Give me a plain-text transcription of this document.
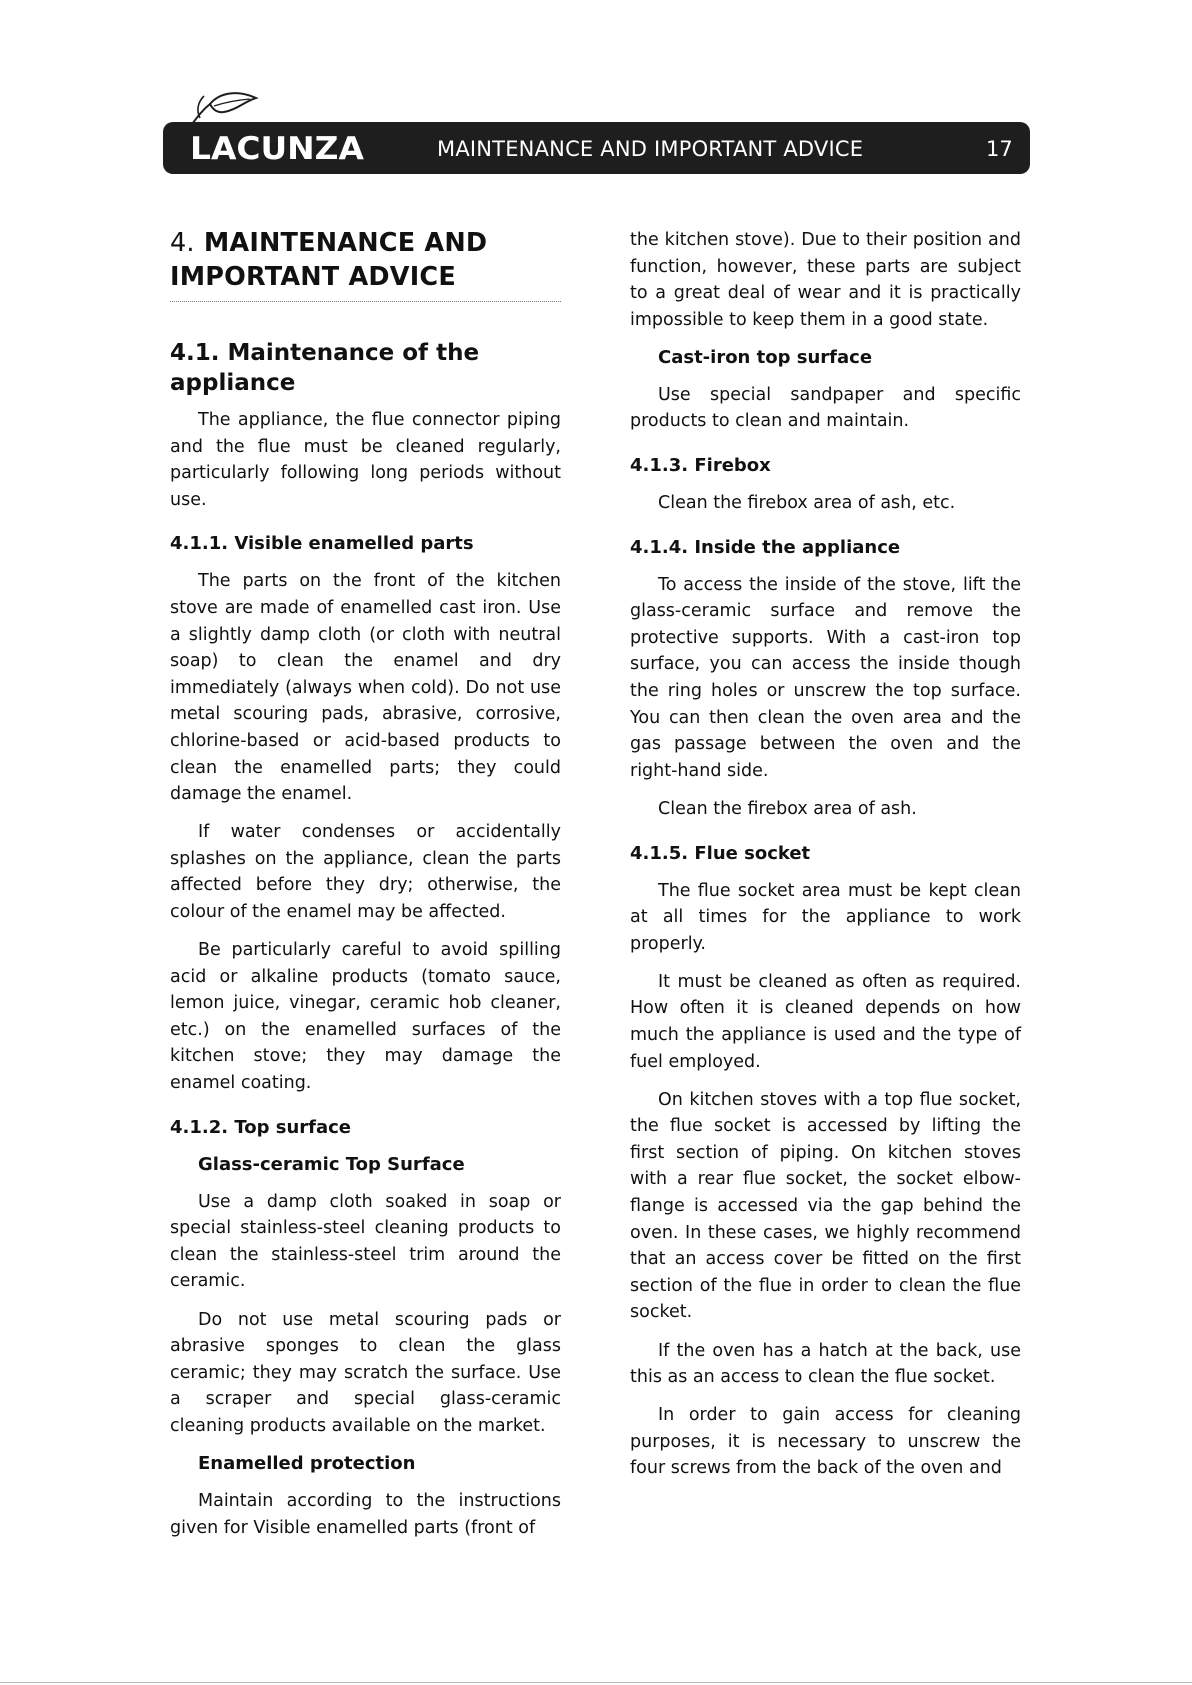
LACUNZA	MAINTENANCE AND IMPORTANT ADVICE	17
4. MAINTENANCE AND IMPORTANT ADVICE
4.1. Maintenance of the appliance

The appliance, the flue connector piping and the flue must be cleaned regularly, particularly following long periods without use.

4.1.1. Visible enamelled parts

The parts on the front of the kitchen stove are made of enamelled cast iron. Use a slightly damp cloth (or cloth with neutral soap) to clean the enamel and dry immediately (always when cold). Do not use metal scouring pads, abrasive, corrosive, chlorine-based or acid-based products to clean the enamelled parts; they could damage the enamel.

If water condenses or accidentally splashes on the appliance, clean the parts affected before they dry; otherwise, the colour of the enamel may be affected.

Be particularly careful to avoid spilling acid or alkaline products (tomato sauce, lemon juice, vinegar, ceramic hob cleaner, etc.) on the enamelled surfaces of the kitchen stove; they may damage the enamel coating.

4.1.2. Top surface
Glass-ceramic Top Surface

Use a damp cloth soaked in soap or special stainless-steel cleaning products to clean the stainless-steel trim around the ceramic.

Do not use metal scouring pads or abrasive sponges to clean the glass ceramic; they may scratch the surface. Use a scraper and special glass-ceramic cleaning products available on the market.

Enamelled protection

Maintain according to the instructions given for Visible enamelled parts (front of

the kitchen stove). Due to their position and function, however, these parts are subject to a great deal of wear and it is practically impossible to keep them in a good state.

Cast-iron top surface

Use special sandpaper and specific products to clean and maintain.

4.1.3. Firebox

Clean the firebox area of ash, etc.

4.1.4. Inside the appliance

To access the inside of the stove, lift the glass-ceramic surface and remove the protective supports. With a cast-iron top surface, you can access the inside though the ring holes or unscrew the top surface. You can then clean the oven area and the gas passage between the oven and the right-hand side.

Clean the firebox area of ash.

4.1.5. Flue socket

The flue socket area must be kept clean at all times for the appliance to work properly.

It must be cleaned as often as required. How often it is cleaned depends on how much the appliance is used and the type of fuel employed.

On kitchen stoves with a top flue socket, the flue socket is accessed by lifting the first section of piping. On kitchen stoves with a rear flue socket, the socket elbow-flange is accessed via the gap behind the oven. In these cases, we highly recommend that an access cover be fitted on the first section of the flue in order to clean the flue socket.

If the oven has a hatch at the back, use this as an access to clean the flue socket.

In order to gain access for cleaning purposes, it is necessary to unscrew the four screws from the back of the oven and
